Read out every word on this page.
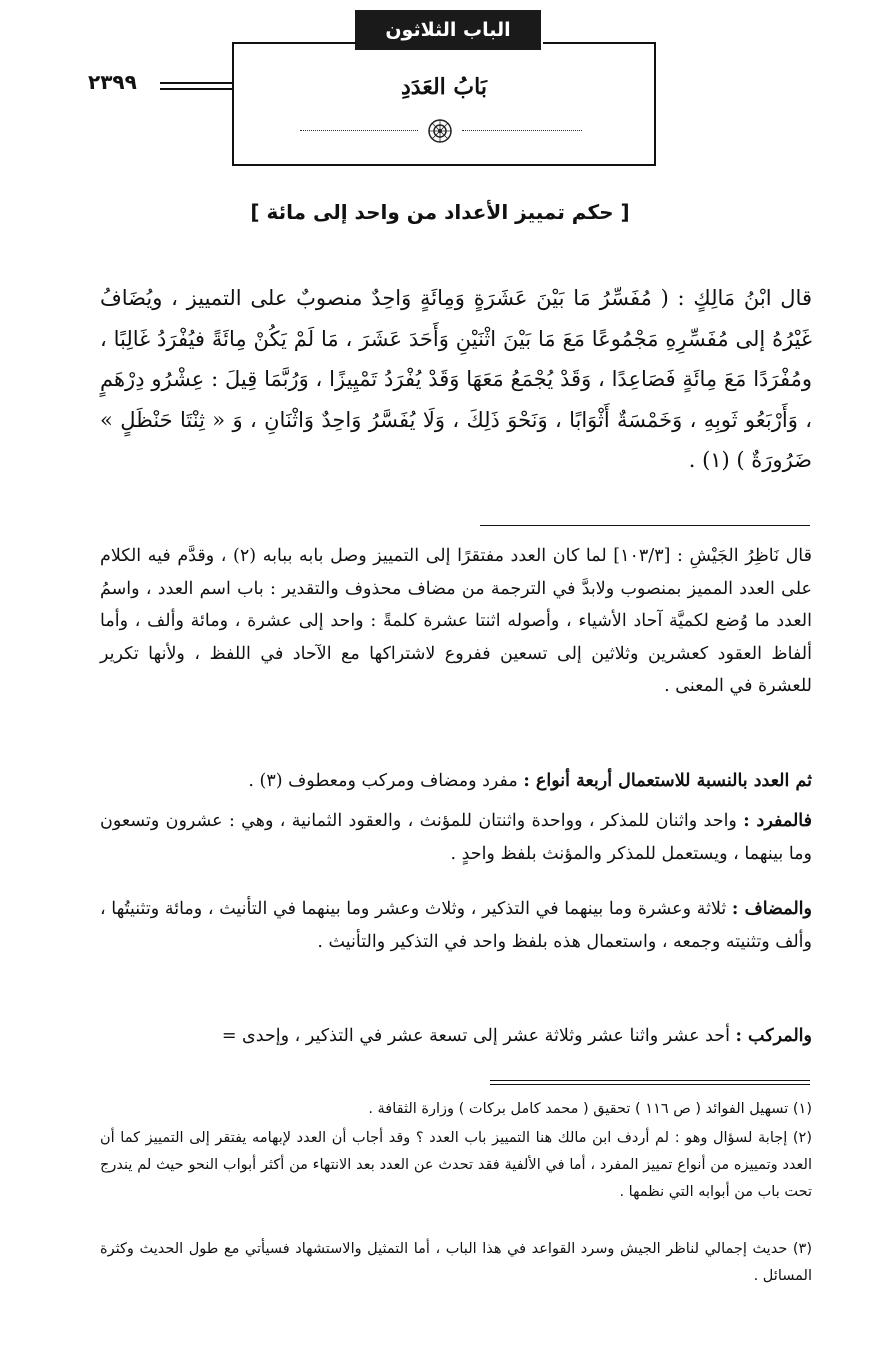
الباب الثلاثون
٢٣٩٩	بَابُ العَدَدِ
[ حكم تمييز الأعداد من واحد إلى مائة ]
قال ابْنُ مَالِكٍ : ( مُفَسِّرُ مَا بَيْنَ عَشَرَةٍ وَمِائَةٍ وَاحِدٌ منصوبٌ على التمييز ، ويُضَافُ غَيْرُهُ إلى مُفَسِّرِهِ مَجْمُوعًا مَعَ مَا بَيْنَ اثْنَيْنِ وَأَحَدَ عَشَرَ ، مَا لَمْ يَكُنْ مِائَةً فيُفْرَدُ غَالِبًا ، ومُفْرَدًا مَعَ مِائَةٍ فَصَاعِدًا ، وَقَدْ يُجْمَعُ مَعَهَا وَقَدْ يُفْرَدُ تَمْيِيزًا ، وَرُبَّمَا قِيلَ : عِشْرُو دِرْهَمٍ ، وَأَرْبَعُو ثَوبِهِ ، وَخَمْسَةٌ أَثْوَابًا ، وَنَحْوَ ذَلِكَ ، وَلَا يُفَسَّرُ وَاحِدٌ وَاثْنَانِ ، وَ « ثِنْتَا حَنْظَلٍ » ضَرُورَةٌ ) (١) .
قال نَاظِرُ الجَيْشِ : [١٠٣/٣] لما كان العدد مفتقرًا إلى التمييز وصل بابه ببابه (٢) ، وقدَّم فيه الكلام على العدد المميز بمنصوب ولابدَّ في الترجمة من مضاف محذوف والتقدير : باب اسم العدد ، واسمُ العدد ما وُضع لكميَّة آحاد الأشياء ، وأصوله اثنتا عشرة كلمةً : واحد إلى عشرة ، ومائة وألف ، وأما ألفاظ العقود كعشرين وثلاثين إلى تسعين ففروع لاشتراكها مع الآحاد في اللفظ ، ولأنها تكرير للعشرة في المعنى .
ثم العدد بالنسبة للاستعمال أربعة أنواع : مفرد ومضاف ومركب ومعطوف (٣) .
فالمفرد : واحد واثنان للمذكر ، وواحدة واثنتان للمؤنث ، والعقود الثمانية ، وهي : عشرون وتسعون وما بينهما ، ويستعمل للمذكر والمؤنث بلفظ واحدٍ .
والمضاف : ثلاثة وعشرة وما بينهما في التذكير ، وثلاث وعشر وما بينهما في التأنيث ، ومائة وتثنيتُها ، وألف وتثنيته وجمعه ، واستعمال هذه بلفظ واحد في التذكير والتأنيث .
والمركب : أحد عشر واثنا عشر وثلاثة عشر إلى تسعة عشر في التذكير ، وإحدى =
(١) تسهيل الفوائد ( ص ١١٦ ) تحقيق ( محمد كامل بركات ) وزارة الثقافة .
(٢) إجابة لسؤال وهو : لم أردف ابن مالك هنا التمييز باب العدد ؟ وقد أجاب أن العدد لإبهامه يفتقر إلى التمييز كما أن العدد وتمييزه من أنواع تمييز المفرد ، أما في الألفية فقد تحدث عن العدد بعد الانتهاء من أكثر أبواب النحو حيث لم يندرج تحت باب من أبوابه التي نظمها .
(٣) حديث إجمالي لناظر الجيش وسرد القواعد في هذا الباب ، أما التمثيل والاستشهاد فسيأتي مع طول الحديث وكثرة المسائل .
